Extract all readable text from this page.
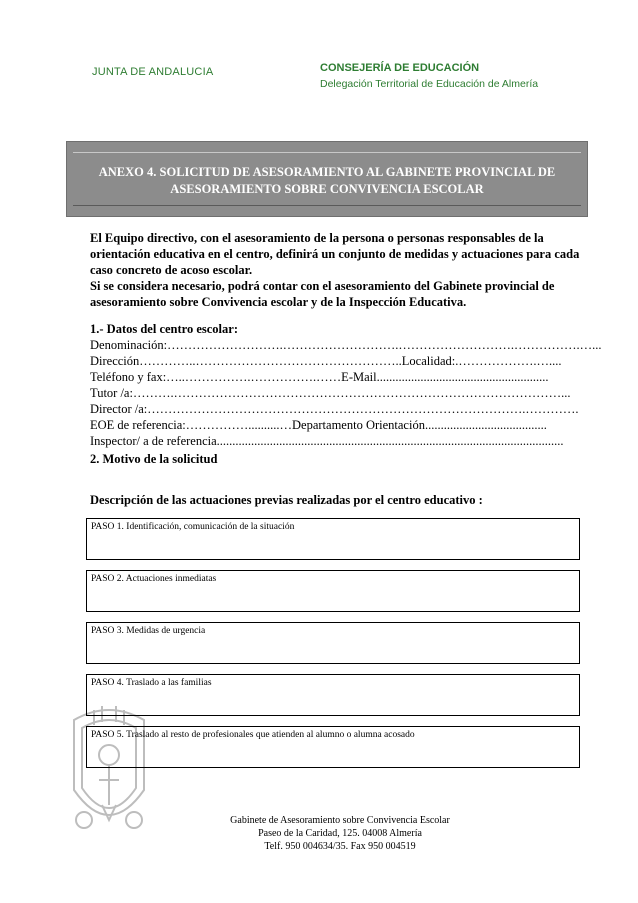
JUNTA DE ANDALUCIA	CONSEJERÍA DE EDUCACIÓN
Delegación Territorial de Educación de Almería
ANEXO 4. SOLICITUD DE ASESORAMIENTO AL GABINETE PROVINCIAL DE
ASESORAMIENTO SOBRE CONVIVENCIA ESCOLAR
El Equipo directivo, con el asesoramiento de la persona o personas responsables de la orientación educativa en el centro, definirá un conjunto de medidas y actuaciones para cada caso concreto de acoso escolar.
Si se considera necesario, podrá contar con el asesoramiento del Gabinete provincial de asesoramiento sobre Convivencia escolar y de la Inspección Educativa.
1.- Datos del centro escolar:
Denominación:……………………….……………………….……………………….…………….…...
Dirección…………..…………………………………………..Localidad:.……………….…....
Teléfono y fax:…..…………….…………….……E-Mail.......................................................
Tutor /a:……….…………………………………………………………………………………...
Director /a:……………………………………………………………………………….………….
EOE de referencia:……………..........…Departamento Orientación.......................................
Inspector/ a de referencia...............................................................................................................
2. Motivo de la solicitud
Descripción de las actuaciones previas realizadas por el centro educativo :
PASO 1. Identificación, comunicación de la situación
PASO 2. Actuaciones inmediatas
PASO 3. Medidas de urgencia
PASO 4. Traslado a las familias
PASO 5. Traslado al resto de profesionales que atienden al alumno o alumna acosado
Gabinete de Asesoramiento sobre Convivencia Escolar
Paseo de la Caridad, 125. 04008 Almería
Telf. 950 004634/35. Fax 950 004519
